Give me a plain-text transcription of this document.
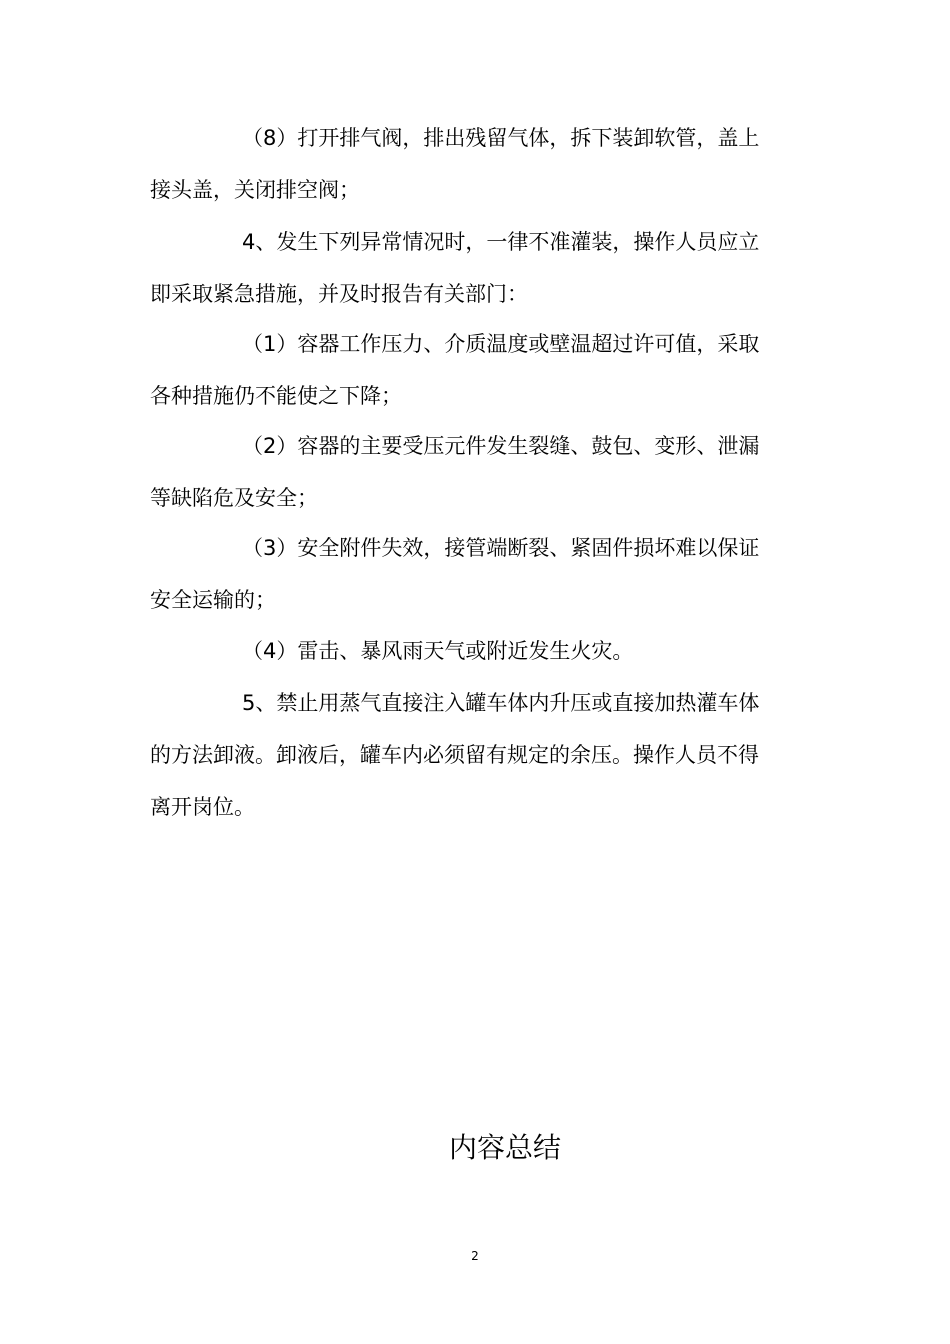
（8）打开排气阀，排出残留气体，拆下装卸软管，盖上
接头盖，关闭排空阀；

4、发生下列异常情况时，一律不准灌装，操作人员应立
即采取紧急措施，并及时报告有关部门：

（1）容器工作压力、介质温度或壁温超过许可值，采取
各种措施仍不能使之下降；

（2）容器的主要受压元件发生裂缝、鼓包、变形、泄漏
等缺陷危及安全；

（3）安全附件失效，接管端断裂、紧固件损坏难以保证
安全运输的；

（4）雷击、暴风雨天气或附近发生火灾。

5、禁止用蒸气直接注入罐车体内升压或直接加热灌车体
的方法卸液。卸液后，罐车内必须留有规定的余压。操作人员不得
离开岗位。

内容总结
2
